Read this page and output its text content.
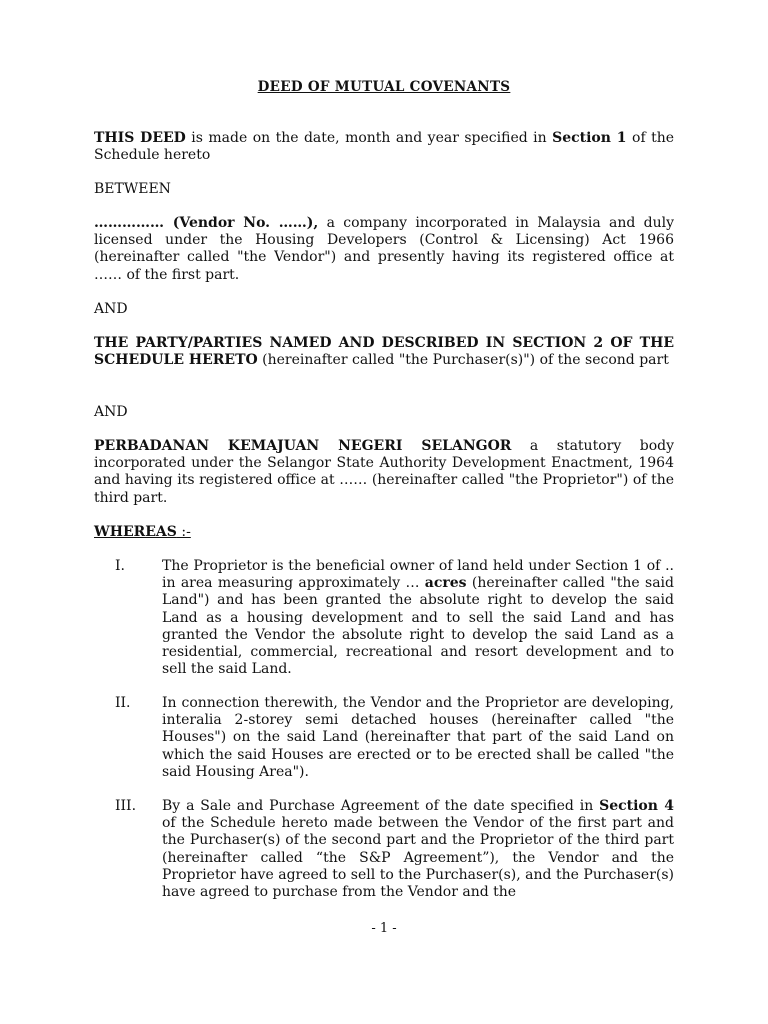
DEED OF MUTUAL COVENANTS

THIS DEED is made on the date, month and year specified in Section 1 of the Schedule hereto

BETWEEN

…………… (Vendor No. ……), a company incorporated in Malaysia and duly licensed under the Housing Developers (Control & Licensing) Act 1966 (hereinafter called "the Vendor") and presently having its registered office at …… of the first part.

AND

THE PARTY/PARTIES NAMED AND DESCRIBED IN SECTION 2 OF THE SCHEDULE HERETO (hereinafter called "the Purchaser(s)") of the second part

AND

PERBADANAN KEMAJUAN NEGERI SELANGOR a statutory body incorporated under the Selangor State Authority Development Enactment, 1964 and having its registered office at …… (hereinafter called "the Proprietor") of the third part.

WHEREAS :-
I.	The Proprietor is the beneficial owner of land held under Section 1 of .. in area measuring approximately … acres (hereinafter called "the said Land") and has been granted the absolute right to develop the said Land as a housing development and to sell the said Land and has granted the Vendor the absolute right to develop the said Land as a residential, commercial, recreational and resort development and to sell the said Land.

II. In connection therewith, the Vendor and the Proprietor are developing, interalia 2-storey semi detached houses (hereinafter called "the Houses") on the said Land (hereinafter that part of the said Land on which the said Houses are erected or to be erected shall be called "the said Housing Area").

III. By a Sale and Purchase Agreement of the date specified in Section 4 of the Schedule hereto made between the Vendor of the first part and the Purchaser(s) of the second part and the Proprietor of the third part (hereinafter called “the S&P Agreement”), the Vendor and the Proprietor have agreed to sell to the Purchaser(s), and the Purchaser(s) have agreed to purchase from the Vendor and the

- 1 -
